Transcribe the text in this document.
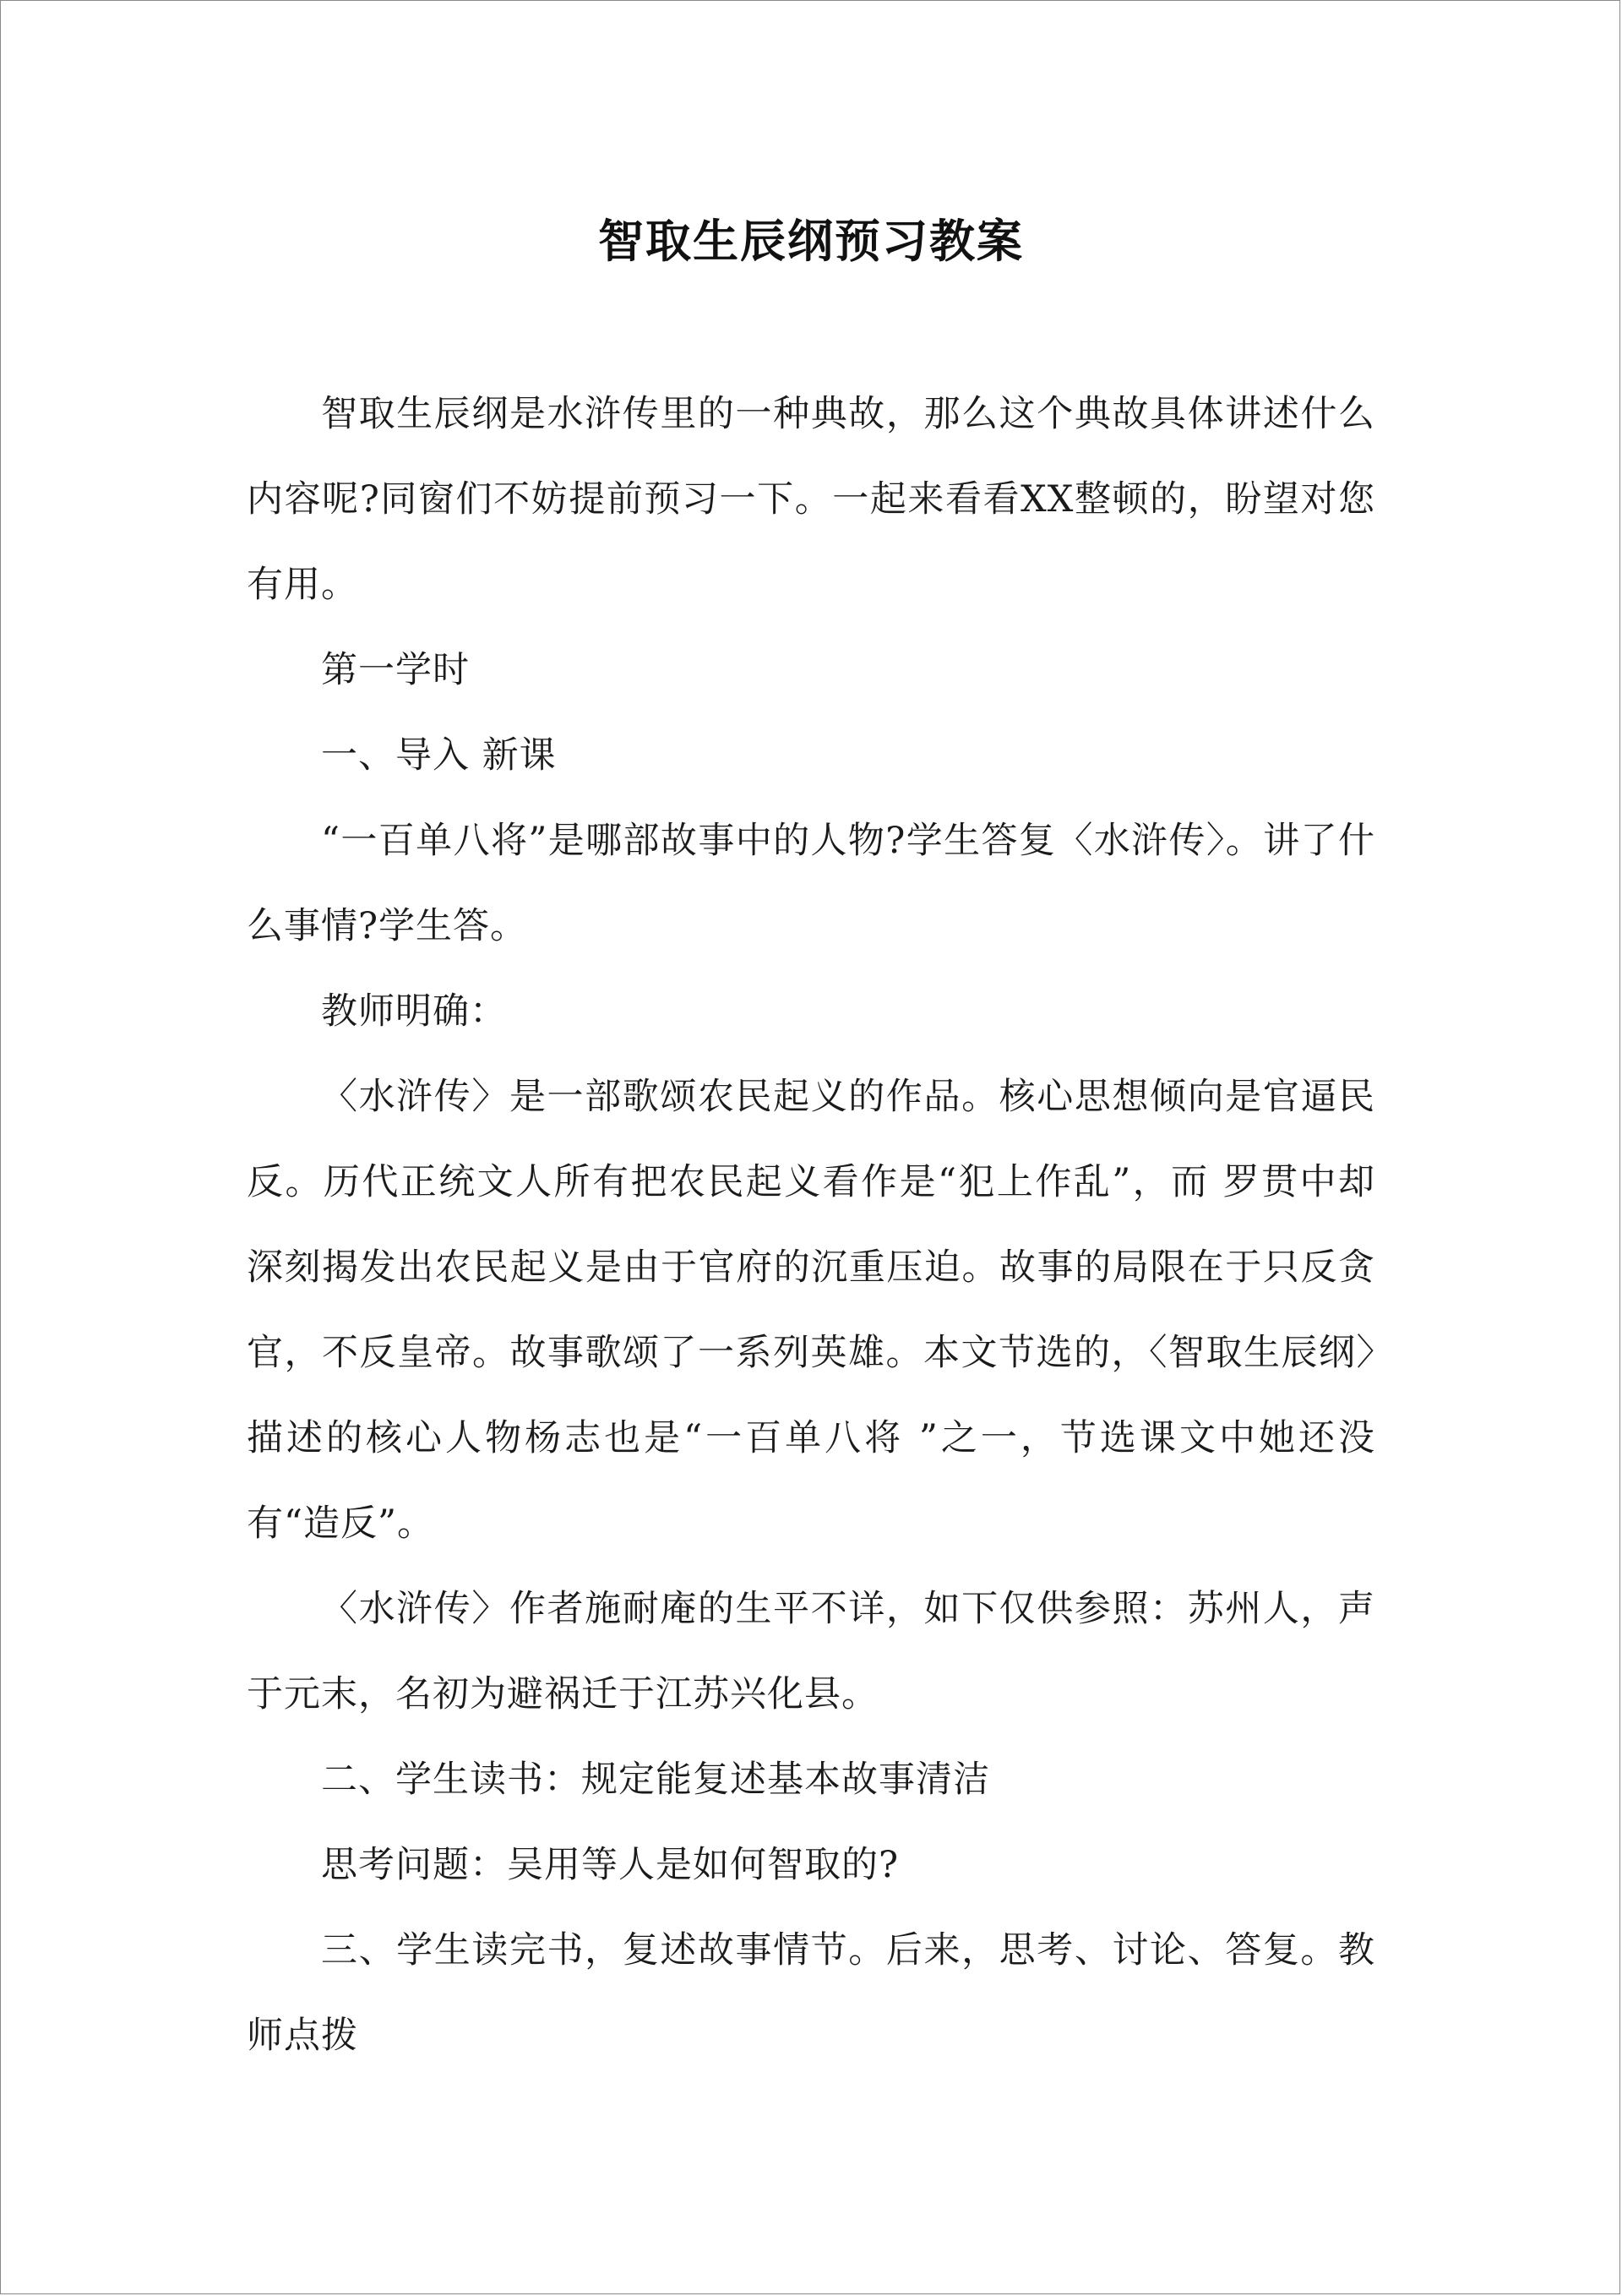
智取生辰纲预习教案

智取生辰纲是水浒传里的一种典故，那么这个典故具体讲述什么内容呢?同窗们不妨提前预习一下。一起来看看XX整顿的，盼望对您有用。

第一学时

一、导入 新课

“一百单八将”是哪部故事中的人物?学生答复〈水浒传〉。讲了什么事情?学生答。

教师明确：

〈水浒传〉是一部歌颂农民起义的作品。核心思想倾向是官逼民反。历代正统文人所有把农民起义看作是“犯上作乱”，而 罗贯中却深刻揭发出农民起义是由于官府的沉重压迫。故事的局限在于只反贪官，不反皇帝。故事歌颂了一系列英雄。本文节选的，〈智取生辰纲〉描述的核心人物杨志也是“一百单八将 ”之一，节选课文中她还没有“造反”。

〈水浒传〉作者施耐庵的生平不详，如下仅供参照：苏州人，声于元末，名初为避祸迁于江苏兴化县。

二、学生读书：规定能复述基本故事清洁

思考问题：吴用等人是如何智取的?

三、学生读完书，复述故事情节。后来，思考、讨论、答复。教师点拨
